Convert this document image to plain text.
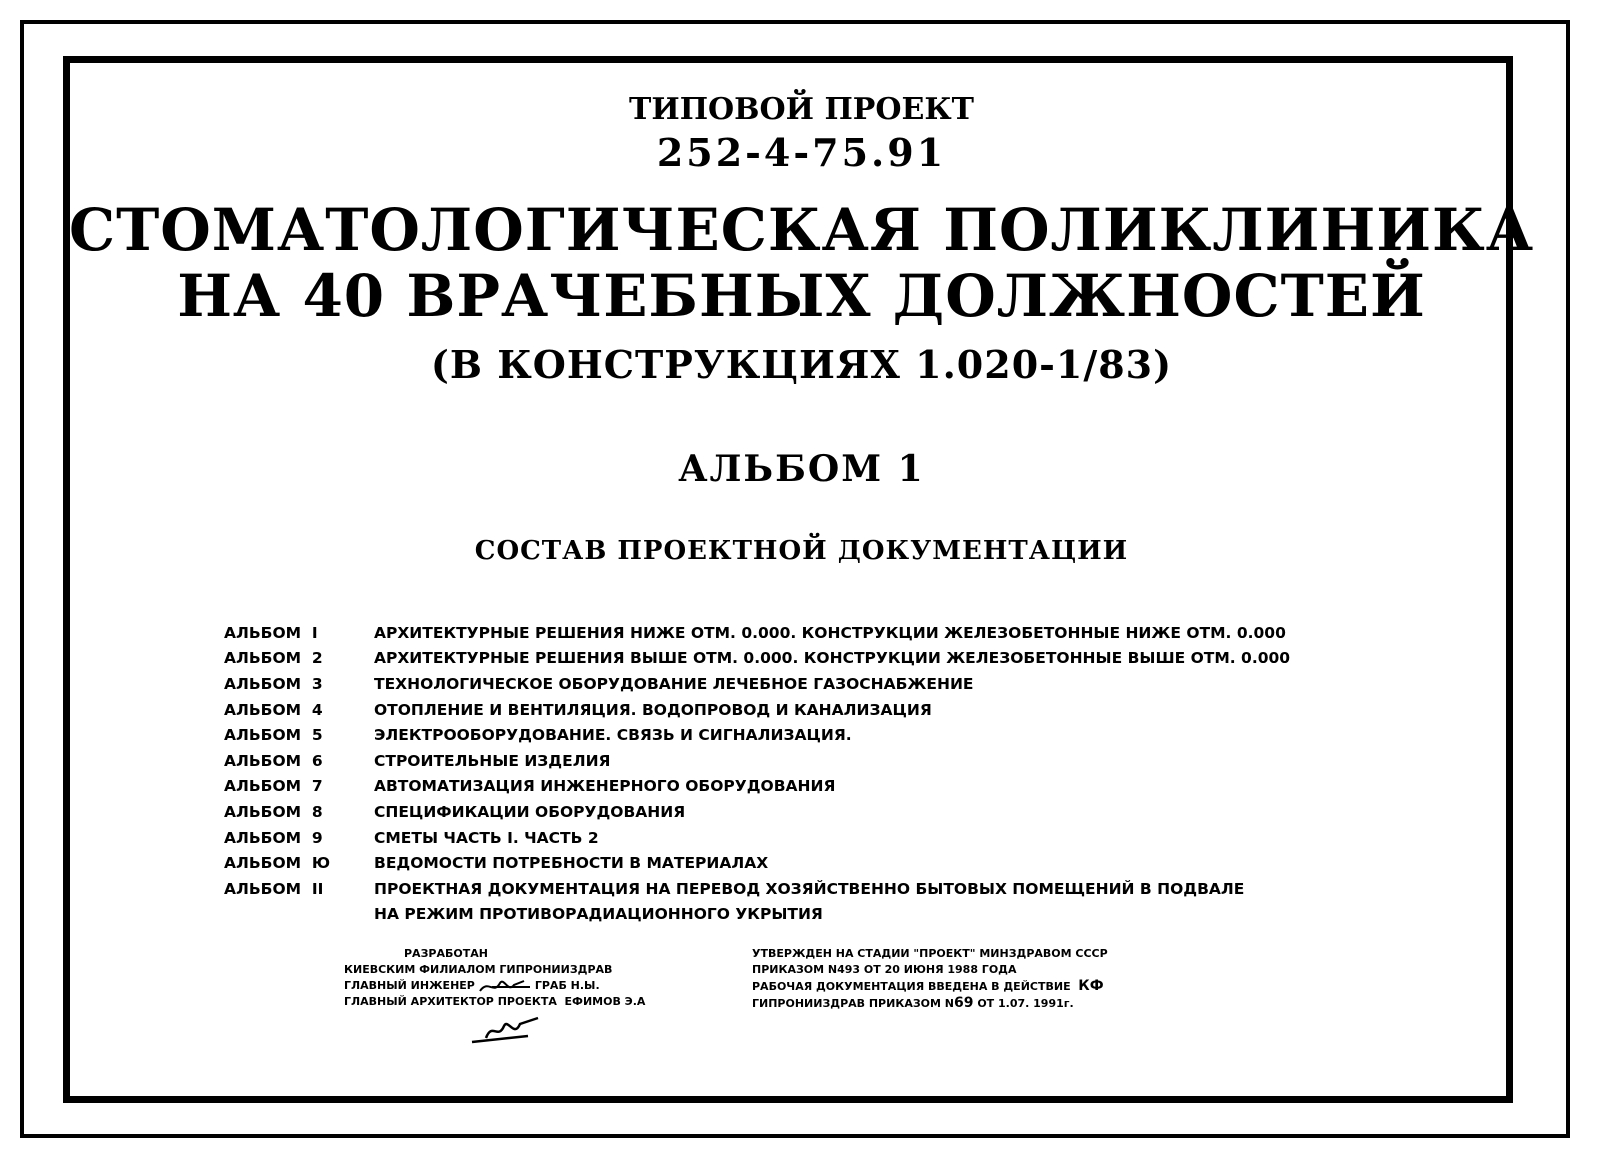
ТИПОВОЙ ПРОЕКТ
252-4-75.91
СТОМАТОЛОГИЧЕСКАЯ ПОЛИКЛИНИКА
НА 40 ВРАЧЕБНЫХ ДОЛЖНОСТЕЙ
(В КОНСТРУКЦИЯХ 1.020-1/83)
АЛЬБОМ 1
СОСТАВ ПРОЕКТНОЙ ДОКУМЕНТАЦИИ
АЛЬБОМ I	АРХИТЕКТУРНЫЕ РЕШЕНИЯ НИЖЕ ОТМ. 0.000. КОНСТРУКЦИИ ЖЕЛЕЗОБЕТОННЫЕ НИЖЕ ОТМ. 0.000
АЛЬБОМ 2	АРХИТЕКТУРНЫЕ РЕШЕНИЯ ВЫШЕ ОТМ. 0.000. КОНСТРУКЦИИ ЖЕЛЕЗОБЕТОННЫЕ ВЫШЕ ОТМ. 0.000
АЛЬБОМ 3	ТЕХНОЛОГИЧЕСКОЕ ОБОРУДОВАНИЕ ЛЕЧЕБНОЕ ГАЗОСНАБЖЕНИЕ
АЛЬБОМ 4	ОТОПЛЕНИЕ И ВЕНТИЛЯЦИЯ. ВОДОПРОВОД И КАНАЛИЗАЦИЯ
АЛЬБОМ 5	ЭЛЕКТРООБОРУДОВАНИЕ. СВЯЗЬ И СИГНАЛИЗАЦИЯ.
АЛЬБОМ 6	СТРОИТЕЛЬНЫЕ ИЗДЕЛИЯ
АЛЬБОМ 7	АВТОМАТИЗАЦИЯ ИНЖЕНЕРНОГО ОБОРУДОВАНИЯ
АЛЬБОМ 8	СПЕЦИФИКАЦИИ ОБОРУДОВАНИЯ
АЛЬБОМ 9	СМЕТЫ ЧАСТЬ I. ЧАСТЬ 2
АЛЬБОМ Ю	ВЕДОМОСТИ ПОТРЕБНОСТИ В МАТЕРИАЛАХ
АЛЬБОМ II	ПРОЕКТНАЯ ДОКУМЕНТАЦИЯ НА ПЕРЕВОД ХОЗЯЙСТВЕННО БЫТОВЫХ ПОМЕЩЕНИЙ В ПОДВАЛЕ
НА РЕЖИМ ПРОТИВОРАДИАЦИОННОГО УКРЫТИЯ
РАЗРАБОТАН
КИЕВСКИМ ФИЛИАЛОМ ГИПРОНИИЗДРАВ
ГЛАВНЫЙ ИНЖЕНЕР	ГРАБ Н.Ы.
ГЛАВНЫЙ АРХИТЕКТОР ПРОЕКТА ЕФИМОВ Э.А
УТВЕРЖДЕН НА СТАДИИ "ПРОЕКТ" МИНЗДРАВОМ СССР
ПРИКАЗОМ N493 ОТ 20 ИЮНЯ 1988 ГОДА
РАБОЧАЯ ДОКУМЕНТАЦИЯ ВВЕДЕНА В ДЕЙСТВИЕ КФ
ГИПРОНИИЗДРАВ ПРИКАЗОМ N69 ОТ 1.07. 1991г.
